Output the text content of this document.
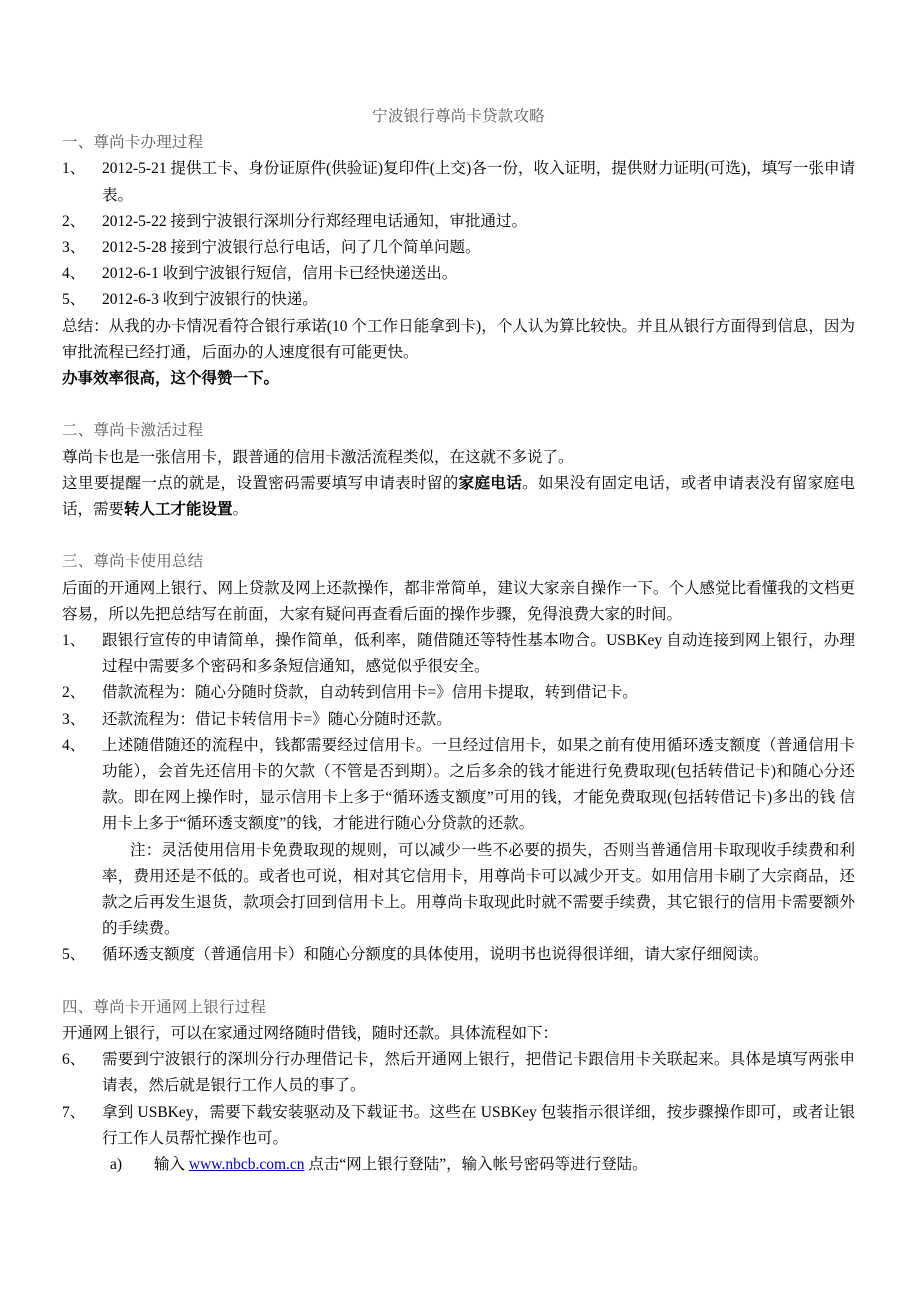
宁波银行尊尚卡贷款攻略

一、尊尚卡办理过程

1、	2012-5-21 提供工卡、身份证原件(供验证)复印件(上交)各一份，收入证明，提供财力证明(可选)，填写一张申请表。
2、	2012-5-22 接到宁波银行深圳分行郑经理电话通知，审批通过。
3、	2012-5-28 接到宁波银行总行电话，问了几个简单问题。
4、	2012-6-1 收到宁波银行短信，信用卡已经快递送出。
5、	2012-6-3 收到宁波银行的快递。

总结：从我的办卡情况看符合银行承诺(10 个工作日能拿到卡)，个人认为算比较快。并且从银行方面得到信息，因为审批流程已经打通，后面办的人速度很有可能更快。

办事效率很高，这个得赞一下。

二、尊尚卡激活过程

尊尚卡也是一张信用卡，跟普通的信用卡激活流程类似，在这就不多说了。

这里要提醒一点的就是，设置密码需要填写申请表时留的家庭电话。如果没有固定电话，或者申请表没有留家庭电话，需要转人工才能设置。

三、尊尚卡使用总结

后面的开通网上银行、网上贷款及网上还款操作，都非常简单，建议大家亲自操作一下。个人感觉比看懂我的文档更容易，所以先把总结写在前面，大家有疑问再查看后面的操作步骤，免得浪费大家的时间。

1、	跟银行宣传的申请简单，操作简单，低利率，随借随还等特性基本吻合。USBKey 自动连接到网上银行，办理过程中需要多个密码和多条短信通知，感觉似乎很安全。
2、	借款流程为：随心分随时贷款，自动转到信用卡=》信用卡提取，转到借记卡。
3、	还款流程为：借记卡转信用卡=》随心分随时还款。
4、	上述随借随还的流程中，钱都需要经过信用卡。一旦经过信用卡，如果之前有使用循环透支额度（普通信用卡功能），会首先还信用卡的欠款（不管是否到期）。之后多余的钱才能进行免费取现(包括转借记卡)和随心分还款。即在网上操作时，显示信用卡上多于“循环透支额度”可用的钱，才能免费取现(包括转借记卡)多出的钱 信用卡上多于“循环透支额度”的钱，才能进行随心分贷款的还款。
注：灵活使用信用卡免费取现的规则，可以减少一些不必要的损失，否则当普通信用卡取现收手续费和利率，费用还是不低的。或者也可说，相对其它信用卡，用尊尚卡可以减少开支。如用信用卡刷了大宗商品，还款之后再发生退货，款项会打回到信用卡上。用尊尚卡取现此时就不需要手续费，其它银行的信用卡需要额外的手续费。
5、	循环透支额度（普通信用卡）和随心分额度的具体使用，说明书也说得很详细，请大家仔细阅读。

四、尊尚卡开通网上银行过程

开通网上银行，可以在家通过网络随时借钱，随时还款。具体流程如下：

6、	需要到宁波银行的深圳分行办理借记卡，然后开通网上银行，把借记卡跟信用卡关联起来。具体是填写两张申请表，然后就是银行工作人员的事了。
7、	拿到 USBKey，需要下载安装驱动及下载证书。这些在 USBKey 包装指示很详细，按步骤操作即可，或者让银行工作人员帮忙操作也可。
a)	输入 www.nbcb.com.cn 点击“网上银行登陆”，输入帐号密码等进行登陆。
